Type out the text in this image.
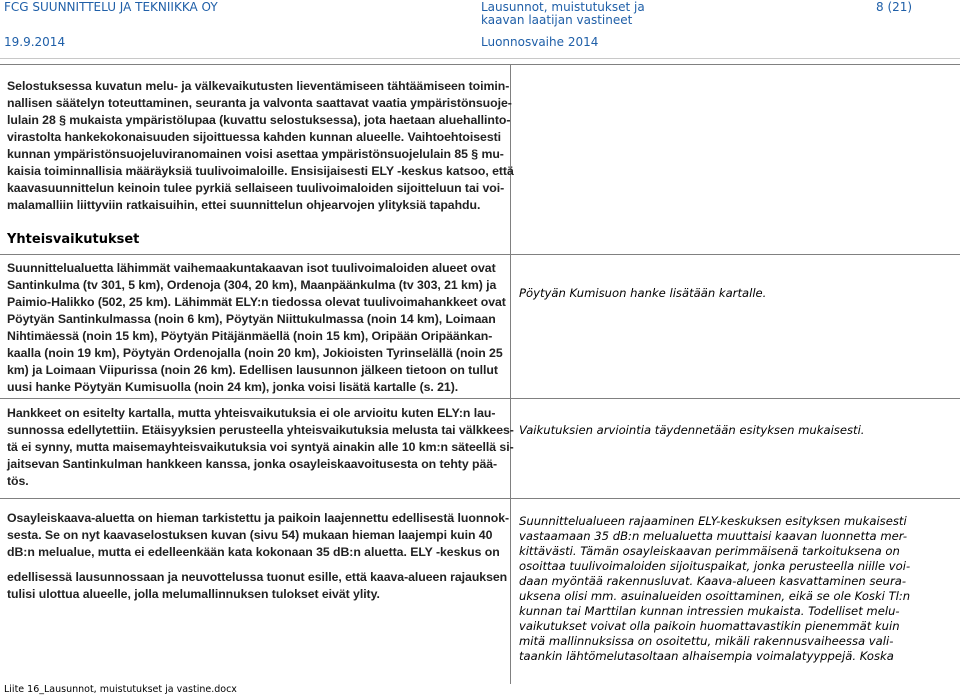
FCG SUUNNITTELU JA TEKNIIKKA OY
19.9.2014
Lausunnot, muistutukset ja
kaavan laatijan vastineet
Luonnosvaihe 2014
8 (21)
Selostuksessa kuvatun melu- ja välkevaikutusten lieventämiseen tähtäämiseen toimin-
nallisen säätelyn toteuttaminen, seuranta ja valvonta saattavat vaatia ympäristönsuoje-
lulain 28 § mukaista ympäristölupaa (kuvattu selostuksessa), jota haetaan aluehallinto-
virastolta hankekokonaisuuden sijoittuessa kahden kunnan alueelle. Vaihtoehtoisesti
kunnan ympäristönsuojeluviranomainen voisi asettaa ympäristönsuojelulain 85 § mu-
kaisia toiminnallisia määräyksiä tuulivoimaloille. Ensisijaisesti ELY -keskus katsoo, että
kaavasuunnittelun keinoin tulee pyrkiä sellaiseen tuulivoimaloiden sijoitteluun tai voi-
malamalliin liittyviin ratkaisuihin, ettei suunnittelun ohjearvojen ylityksiä tapahdu.
Yhteisvaikutukset
Suunnittelualuetta lähimmät vaihemaakuntakaavan isot tuulivoimaloiden alueet ovat
Santinkulma (tv 301, 5 km), Ordenoja (304, 20 km), Maanpäänkulma (tv 303, 21 km) ja
Paimio-Halikko (502, 25 km). Lähimmät ELY:n tiedossa olevat tuulivoimahankkeet ovat
Pöytyän Santinkulmassa (noin 6 km), Pöytyän Niittukulmassa (noin 14 km), Loimaan
Nihtimäessä (noin 15 km), Pöytyän Pitäjänmäellä (noin 15 km), Oripään Oripäänkan-
kaalla (noin 19 km), Pöytyän Ordenojalla (noin 20 km), Jokioisten Tyrinselällä (noin 25
km) ja Loimaan Viipurissa (noin 26 km). Edellisen lausunnon jälkeen tietoon on tullut
uusi hanke Pöytyän Kumisuolla (noin 24 km), jonka voisi lisätä kartalle (s. 21).
Pöytyän Kumisuon hanke lisätään kartalle.
Hankkeet on esitelty kartalla, mutta yhteisvaikutuksia ei ole arvioitu kuten ELY:n lau-
sunnossa edellytettiin. Etäisyyksien perusteella yhteisvaikutuksia melusta tai välkkees-
tä ei synny, mutta maisemayhteisvaikutuksia voi syntyä ainakin alle 10 km:n säteellä si-
jaitsevan Santinkulman hankkeen kanssa, jonka osayleiskaavoitusesta on tehty pää-
tös.
Vaikutuksien arviointia täydennetään esityksen mukaisesti.
Osayleiskaava-aluetta on hieman tarkistettu ja paikoin laajennettu edellisestä luonnok-
sesta. Se on nyt kaavaselostuksen kuvan (sivu 54) mukaan hieman laajempi kuin 40
dB:n melualue, mutta ei edelleenkään kata kokonaan 35 dB:n aluetta. ELY -keskus on
edellisessä lausunnossaan ja neuvottelussa tuonut esille, että kaava-alueen rajauksen
tulisi ulottua alueelle, jolla melumallinnuksen tulokset eivät ylity.
Suunnittelualueen rajaaminen ELY-keskuksen esityksen mukaisesti
vastaamaan 35 dB:n melualuetta muuttaisi kaavan luonnetta mer-
kittävästi. Tämän osayleiskaavan perimmäisenä tarkoituksena on
osoittaa tuulivoimaloiden sijoituspaikat, jonka perusteella niille voi-
daan myöntää rakennusluvat. Kaava-alueen kasvattaminen seura-
uksena olisi mm. asuinalueiden osoittaminen, eikä se ole Koski Tl:n
kunnan tai Marttilan kunnan intressien mukaista. Todelliset melu-
vaikutukset voivat olla paikoin huomattavastikin pienemmät kuin
mitä mallinnuksissa on osoitettu, mikäli rakennusvaiheessa vali-
taankin lähtömelutasoltaan alhaisempia voimalatyyppejä. Koska
Liite 16_Lausunnot, muistutukset ja vastine.docx
